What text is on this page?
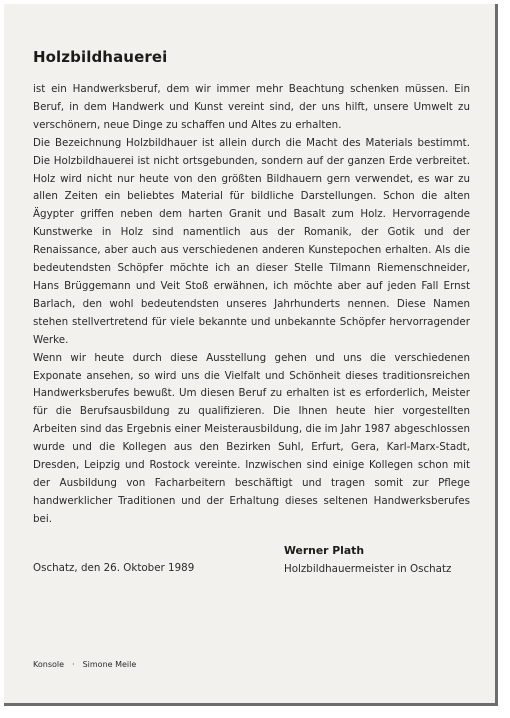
Holzbildhauerei

ist ein Handwerksberuf, dem wir immer mehr Beachtung schenken müssen. Ein Beruf, in dem Handwerk und Kunst vereint sind, der uns hilft, unsere Umwelt zu verschönern, neue Dinge zu schaffen und Altes zu erhalten.

Die Bezeichnung Holzbildhauer ist allein durch die Macht des Materials bestimmt. Die Holzbildhauerei ist nicht ortsgebunden, sondern auf der ganzen Erde verbreitet. Holz wird nicht nur heute von den größten Bildhauern gern verwendet, es war zu allen Zeiten ein beliebtes Material für bildliche Darstellungen. Schon die alten Ägypter griffen neben dem harten Granit und Basalt zum Holz. Hervorragende Kunstwerke in Holz sind namentlich aus der Romanik, der Gotik und der Renaissance, aber auch aus verschiedenen anderen Kunstepochen erhalten. Als die bedeutendsten Schöpfer möchte ich an dieser Stelle Tilmann Riemenschneider, Hans Brüggemann und Veit Stoß erwähnen, ich möchte aber auf jeden Fall Ernst Barlach, den wohl bedeutendsten unseres Jahrhunderts nennen. Diese Namen stehen stellvertretend für viele bekannte und unbekannte Schöpfer hervorragender Werke.

Wenn wir heute durch diese Ausstellung gehen und uns die verschiedenen Exponate ansehen, so wird uns die Vielfalt und Schönheit dieses traditionsreichen Handwerksberufes bewußt. Um diesen Beruf zu erhalten ist es erforderlich, Meister für die Berufsausbildung zu qualifizieren. Die Ihnen heute hier vorgestellten Arbeiten sind das Ergebnis einer Meisterausbildung, die im Jahr 1987 abgeschlossen wurde und die Kollegen aus den Bezirken Suhl, Erfurt, Gera, Karl-Marx-Stadt, Dresden, Leipzig und Rostock vereinte. Inzwischen sind einige Kollegen schon mit der Ausbildung von Facharbeitern beschäftigt und tragen somit zur Pflege handwerklicher Traditionen und der Erhaltung dieses seltenen Handwerksberufes bei.

Oschatz, den 26. Oktober 1989
Werner Plath
Holzbildhauermeister in Oschatz
Konsole · Simone Meile
